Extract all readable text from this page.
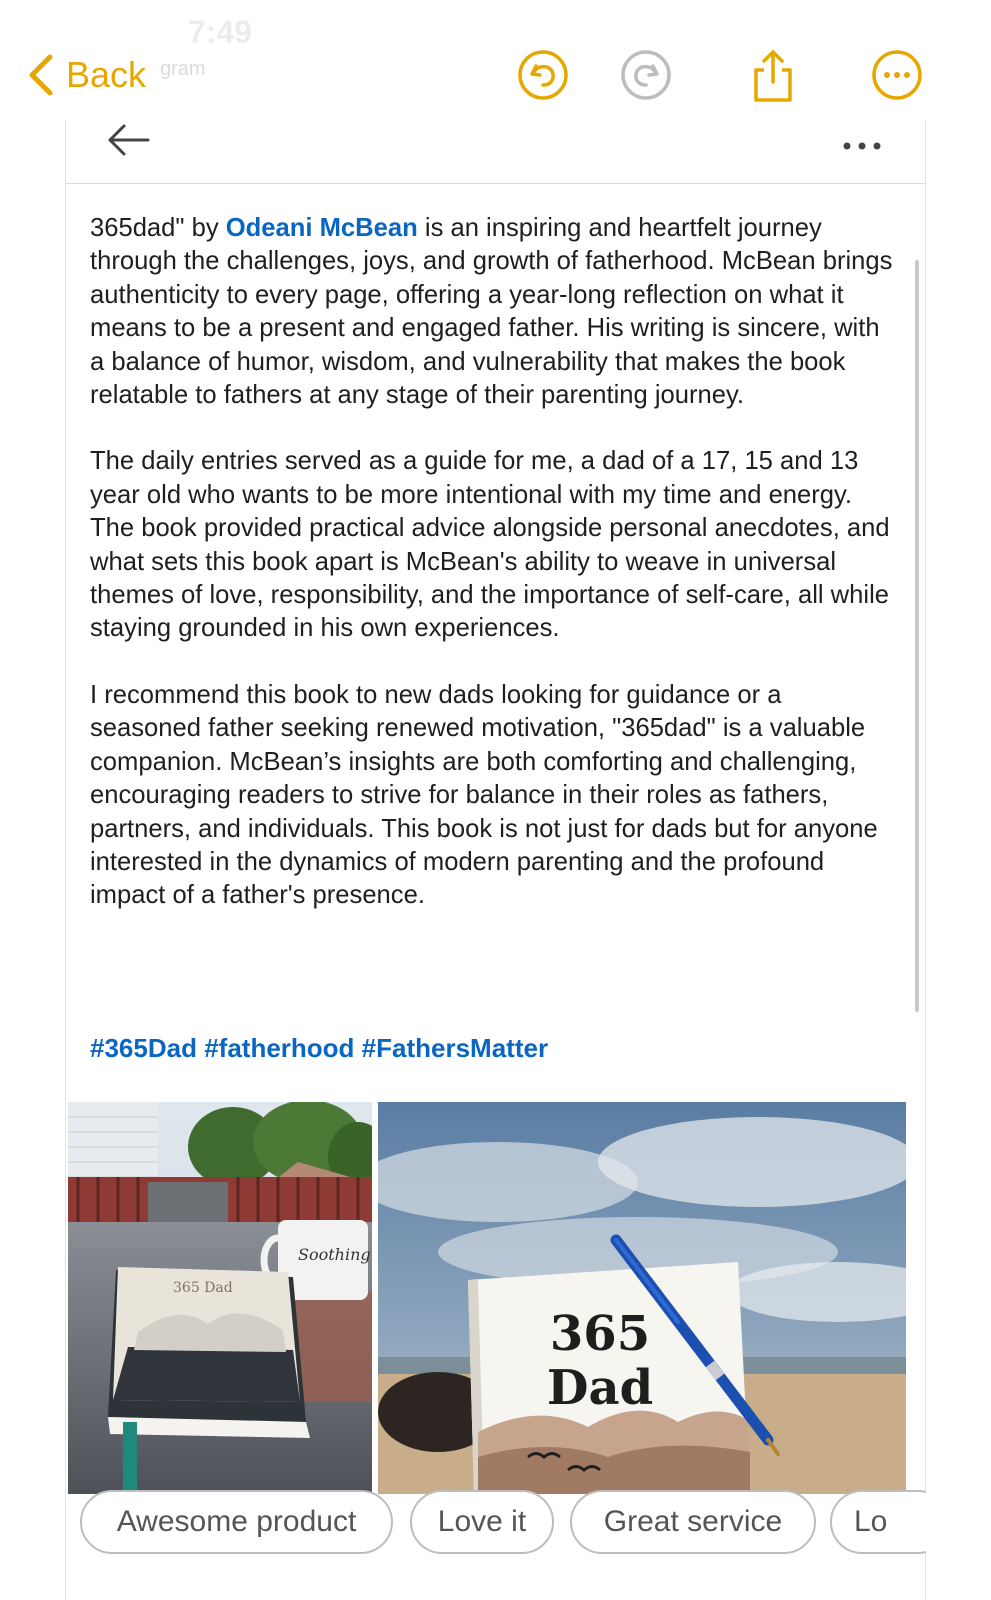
7:49
gram
Back

365dad" by Odeani McBean is an inspiring and heartfelt journey through the challenges, joys, and growth of fatherhood. McBean brings authenticity to every page, offering a year-long reflection on what it means to be a present and engaged father. His writing is sincere, with a balance of humor, wisdom, and vulnerability that makes the book relatable to fathers at any stage of their parenting journey.

The daily entries served as a guide for me, a dad of a 17, 15 and 13 year old who wants to be more intentional with my time and energy. The book provided practical advice alongside personal anecdotes, and what sets this book apart is McBean's ability to weave in universal themes of love, responsibility, and the importance of self-care, all while staying grounded in his own experiences.

I recommend this book to new dads looking for guidance or a seasoned father seeking renewed motivation, "365dad" is a valuable companion. McBean’s insights are both comforting and challenging, encouraging readers to strive for balance in their roles as fathers, partners, and individuals. This book is not just for dads but for anyone interested in the dynamics of modern parenting and the profound impact of a father's presence.

#365Dad #fatherhood #FathersMatter
Soothing
365 Dad
365
Dad
Awesome product	Love it	Great service	Lo
